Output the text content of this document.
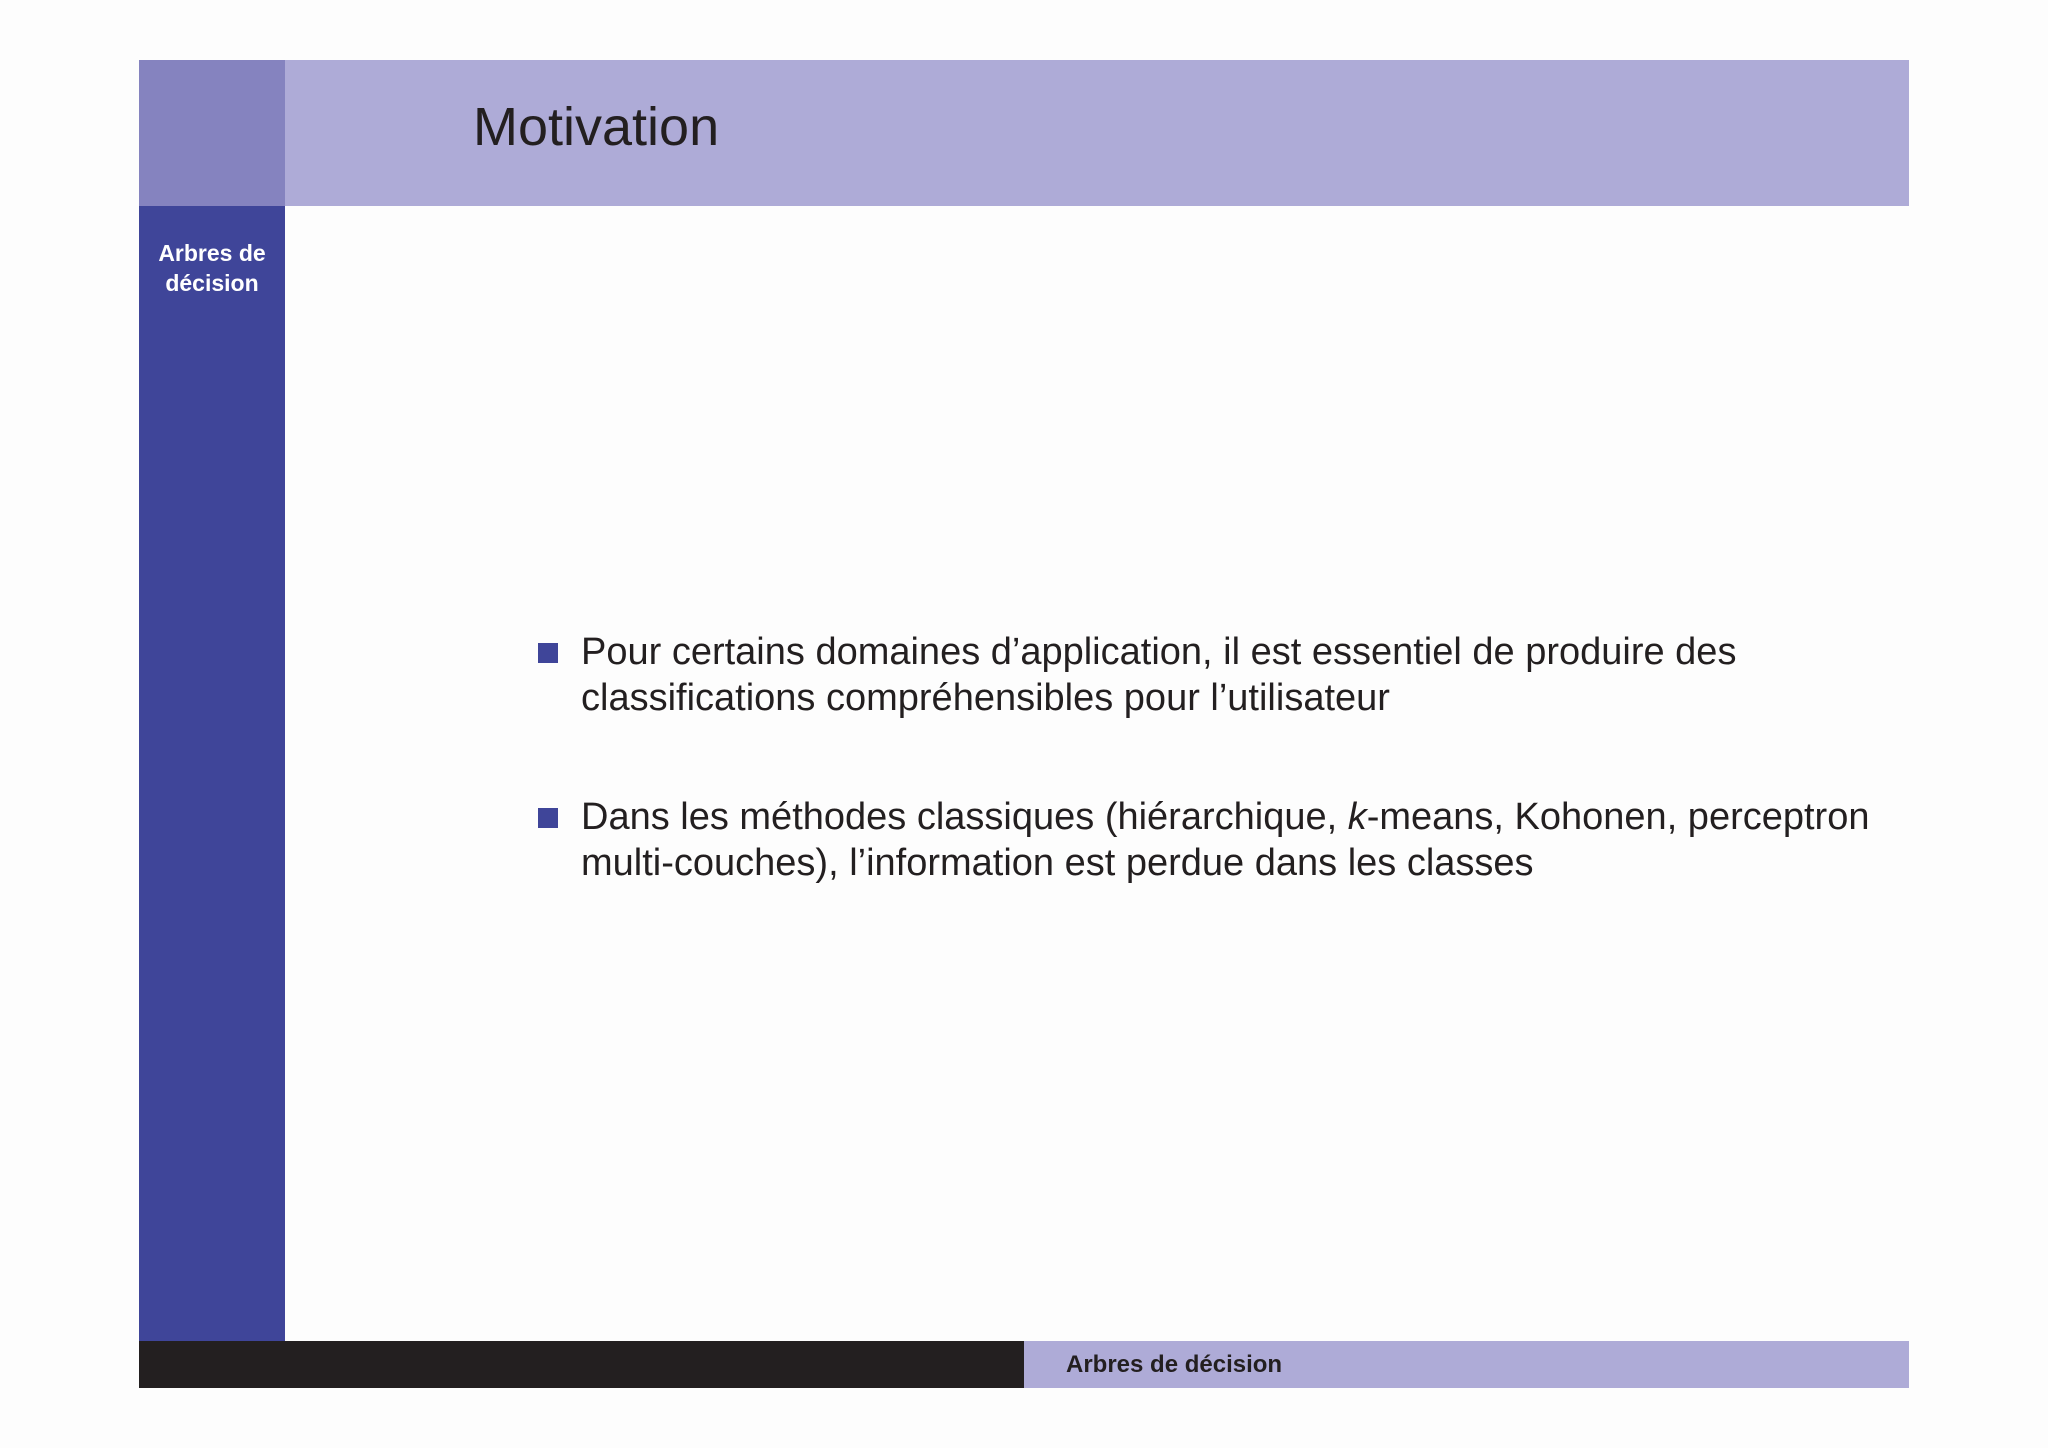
Motivation
Arbres de
décision
Pour certains domaines d’application, il est essentiel de produire des classifications compréhensibles pour l’utilisateur
Dans les méthodes classiques (hiérarchique, k-means, Kohonen, perceptron multi-couches), l’information est perdue dans les classes
Arbres de décision
